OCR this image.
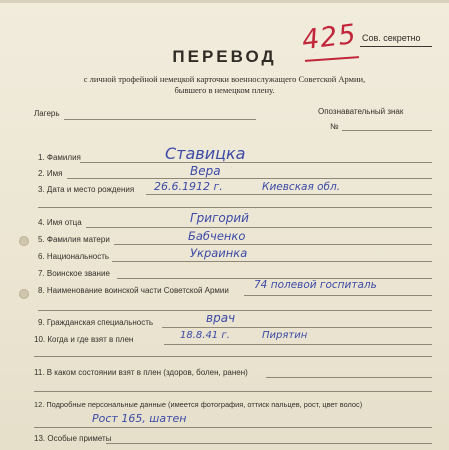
425 Сов. секретно
ПЕРЕВОД
с личной трофейной немецкой карточки военнослужащего Советской Армии,
бывшего в немецком плену.
Лагерь	Опознавательный знак
№
1. Фамилия	Ставицка
2. Имя	Вера
3. Дата и место рождения 26.6.1912 г.	Киевская обл.
4. Имя отца	Григорий
5. Фамилия матери	Бабченко
6. Национальность	Украинка
7. Воинское звание
8. Наименование воинской части Советской Армии 74 полевой госпиталь
9. Гражданская специальность	врач
10. Когда и где взят в плен	18.8.41 г.	Пирятин
11. В каком состоянии взят в плен (здоров, болен, ранен)
12. Подробные персональные данные (имеется фотография, оттиск пальцев, рост, цвет волос)
Рост 165, шатен
13. Особые приметы
